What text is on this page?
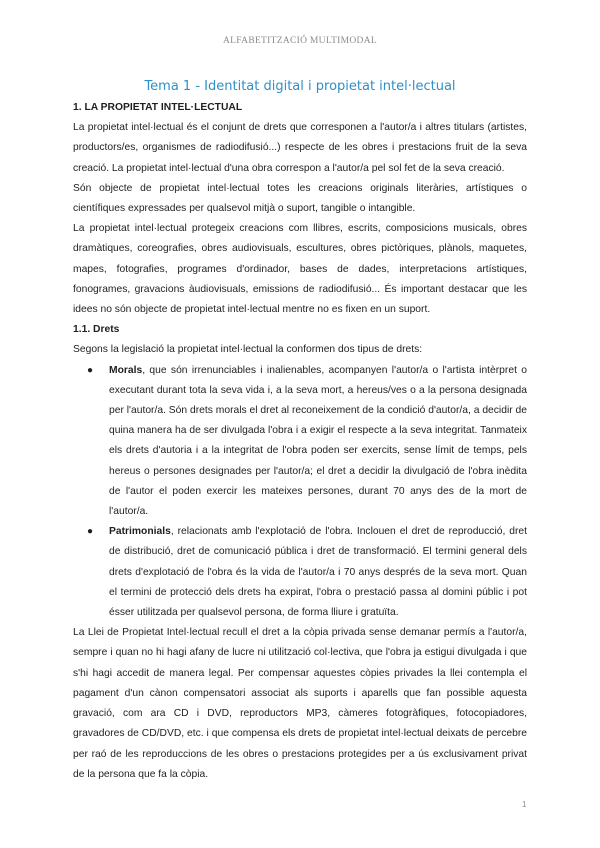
ALFABETITZACIÓ MULTIMODAL
Tema 1 - Identitat digital i propietat intel·lectual
1. LA PROPIETAT INTEL·LECTUAL

La propietat intel·lectual és el conjunt de drets que corresponen a l'autor/a i altres titulars (artistes, productors/es, organismes de radiodifusió...) respecte de les obres i prestacions fruit de la seva creació. La propietat intel·lectual d'una obra correspon a l'autor/a pel sol fet de la seva creació.

Són objecte de propietat intel·lectual totes les creacions originals literàries, artístiques o científiques expressades per qualsevol mitjà o suport, tangible o intangible.

La propietat intel·lectual protegeix creacions com llibres, escrits, composicions musicals, obres dramàtiques, coreografies, obres audiovisuals, escultures, obres pictòriques, plànols, maquetes, mapes, fotografies, programes d'ordinador, bases de dades, interpretacions artístiques, fonogrames, gravacions àudiovisuals, emissions de radiodifusió... És important destacar que les idees no són objecte de propietat intel·lectual mentre no es fixen en un suport.

1.1. Drets

Segons la legislació la propietat intel·lectual la conformen dos tipus de drets:

● Morals, que són irrenunciables i inalienables, acompanyen l'autor/a o l'artista intèrpret o executant durant tota la seva vida i, a la seva mort, a hereus/ves o a la persona designada per l'autor/a. Són drets morals el dret al reconeixement de la condició d'autor/a, a decidir de quina manera ha de ser divulgada l'obra i a exigir el respecte a la seva integritat. Tanmateix els drets d'autoria i a la integritat de l'obra poden ser exercits, sense límit de temps, pels hereus o persones designades per l'autor/a; el dret a decidir la divulgació de l'obra inèdita de l'autor el poden exercir les mateixes persones, durant 70 anys des de la mort de l'autor/a.
● Patrimonials, relacionats amb l'explotació de l'obra. Inclouen el dret de reproducció, dret de distribució, dret de comunicació pública i dret de transformació. El termini general dels drets d'explotació de l'obra és la vida de l'autor/a i 70 anys després de la seva mort. Quan el termini de protecció dels drets ha expirat, l'obra o prestació passa al domini públic i pot ésser utilitzada per qualsevol persona, de forma lliure i gratuïta.

La Llei de Propietat Intel·lectual recull el dret a la còpia privada sense demanar permís a l'autor/a, sempre i quan no hi hagi afany de lucre ni utilització col·lectiva, que l'obra ja estigui divulgada i que s'hi hagi accedit de manera legal. Per compensar aquestes còpies privades la llei contempla el pagament d'un cànon compensatori associat als suports i aparells que fan possible aquesta gravació, com ara CD i DVD, reproductors MP3, càmeres fotogràfiques, fotocopiadores, gravadores de CD/DVD, etc. i que compensa els drets de propietat intel·lectual deixats de percebre per raó de les reproduccions de les obres o prestacions protegides per a ús exclusivament privat de la persona que fa la còpia.

1
